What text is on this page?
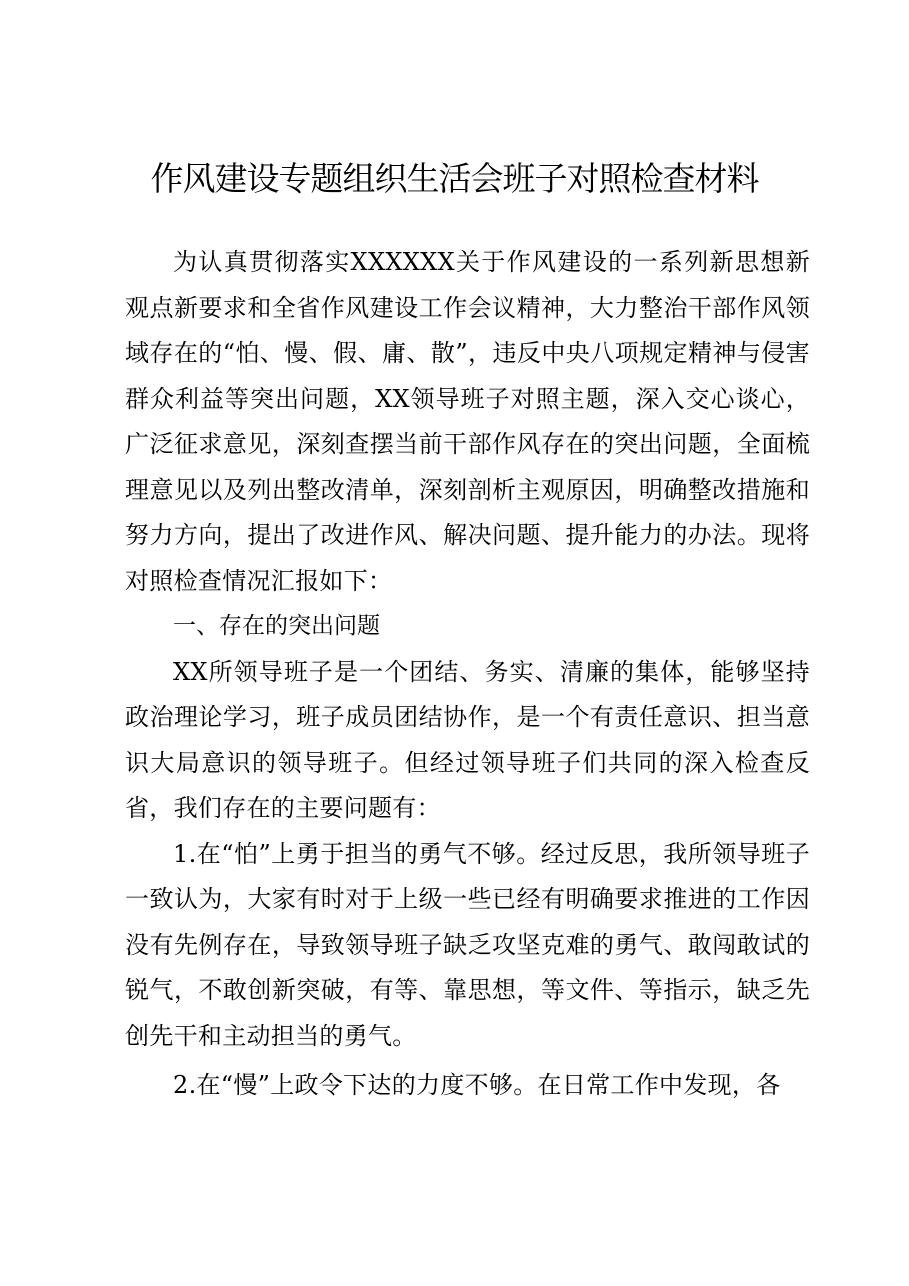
作风建设专题组织生活会班子对照检查材料

为认真贯彻落实XXXXXX关于作风建设的一系列新思想新观点新要求和全省作风建设工作会议精神，大力整治干部作风领域存在的“怕、慢、假、庸、散”，违反中央八项规定精神与侵害群众利益等突出问题，XX领导班子对照主题，深入交心谈心，广泛征求意见，深刻查摆当前干部作风存在的突出问题，全面梳理意见以及列出整改清单，深刻剖析主观原因，明确整改措施和努力方向，提出了改进作风、解决问题、提升能力的办法。现将对照检查情况汇报如下：

一、存在的突出问题

XX所领导班子是一个团结、务实、清廉的集体，能够坚持政治理论学习，班子成员团结协作，是一个有责任意识、担当意识大局意识的领导班子。但经过领导班子们共同的深入检查反省，我们存在的主要问题有：

1.在“怕”上勇于担当的勇气不够。经过反思，我所领导班子一致认为，大家有时对于上级一些已经有明确要求推进的工作因没有先例存在，导致领导班子缺乏攻坚克难的勇气、敢闯敢试的锐气，不敢创新突破，有等、靠思想，等文件、等指示，缺乏先创先干和主动担当的勇气。

2.在“慢”上政令下达的力度不够。在日常工作中发现，各
